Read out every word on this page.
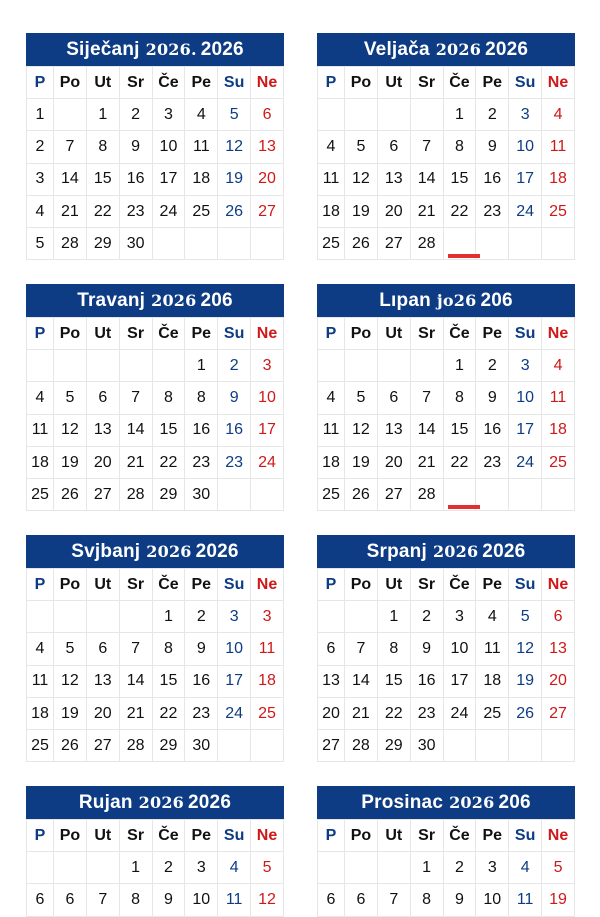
Siječanj 2026. 2026
P	Po	Ut	Sr	Če	Pe	Su	Ne
1		1	2	3	4	5	6
2	7	8	9	10	11	12	13
3	14	15	16	17	18	19	20
4	21	22	23	24	25	26	27
5	28	29	30				
Veljača 2026 2026
P	Po	Ut	Sr	Če	Pe	Su	Ne
				1	2	3	4
4	5	6	7	8	9	10	11
11	12	13	14	15	16	17	18
18	19	20	21	22	23	24	25
25	26	27	28				
Travanj 2026 206
P	Po	Ut	Sr	Če	Pe	Su	Ne
					1	2	3
4	5	6	7	8	8	9	10
11	12	13	14	15	16	16	17
18	19	20	21	22	23	23	24
25	26	27	28	29	30		
Lıpan jo26 206
P	Po	Ut	Sr	Če	Pe	Su	Ne
				1	2	3	4
4	5	6	7	8	9	10	11
11	12	13	14	15	16	17	18
18	19	20	21	22	23	24	25
25	26	27	28				
Svjbanj 2026 2026
P	Po	Ut	Sr	Če	Pe	Su	Ne
				1	2	3	3
4	5	6	7	8	9	10	11
11	12	13	14	15	16	17	18
18	19	20	21	22	23	24	25
25	26	27	28	29	30		
Srpanj 2026 2026
P	Po	Ut	Sr	Če	Pe	Su	Ne
		1	2	3	4	5	6
6	7	8	9	10	11	12	13
13	14	15	16	17	18	19	20
20	21	22	23	24	25	26	27
27	28	29	30				
Rujan 2026 2026
P	Po	Ut	Sr	Če	Pe	Su	Ne
			1	2	3	4	5
6	6	7	8	9	10	11	12
Prosinac 2026 206
P	Po	Ut	Sr	Če	Pe	Su	Ne
			1	2	3	4	5
6	6	7	8	9	10	11	19
